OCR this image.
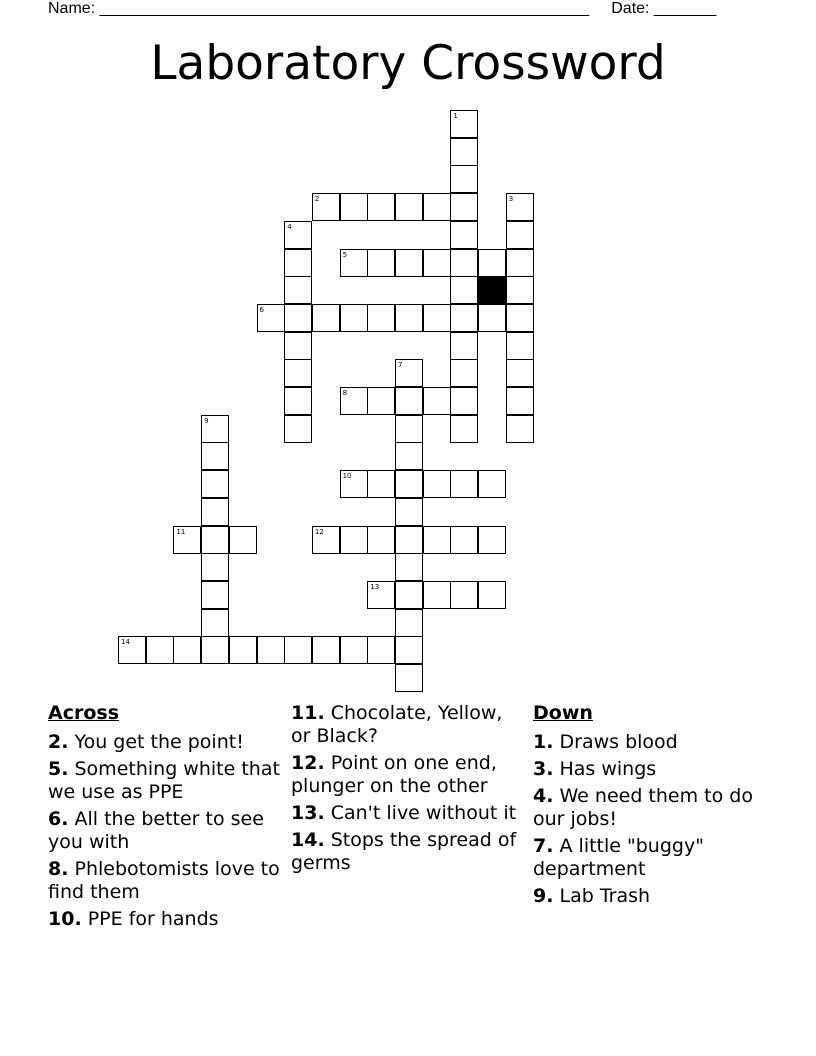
Name: _______________________________________________________ Date: _______
Laboratory Crossword
1
2	3
4
5
6
7
8
9
10
11	12
13
14
Across
2. You get the point!
5. Something white that we use as PPE
6. All the better to see you with
8. Phlebotomists love to find them
10. PPE for hands
11. Chocolate, Yellow, or Black?
12. Point on one end, plunger on the other
13. Can't live without it
14. Stops the spread of germs
Down
1. Draws blood
3. Has wings
4. We need them to do our jobs!
7. A little "buggy" department
9. Lab Trash
